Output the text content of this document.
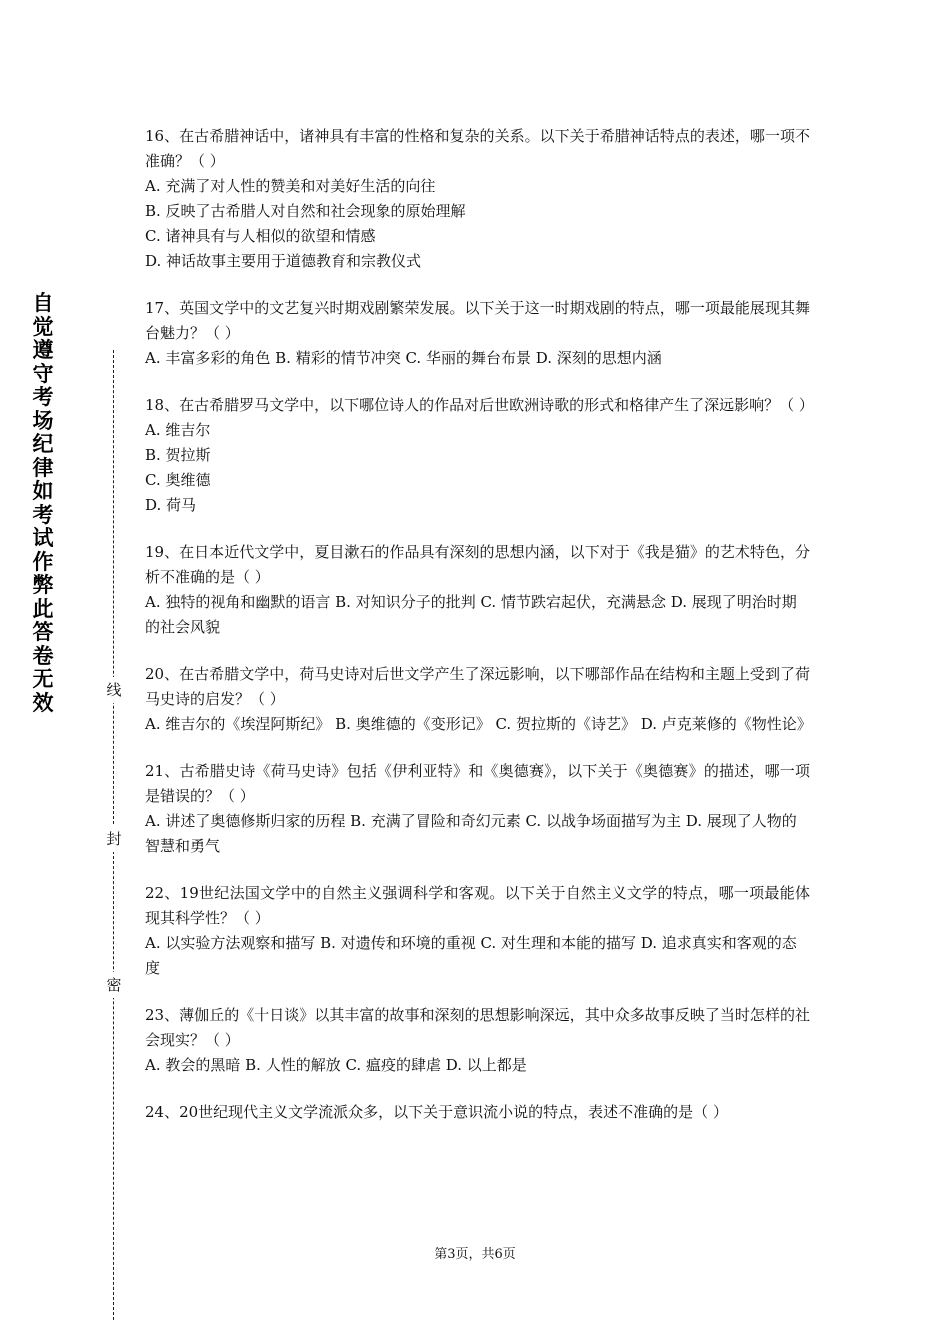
自觉遵守考场纪律如考试作弊此答卷无效
线
封
密

16、在古希腊神话中，诸神具有丰富的性格和复杂的关系。以下关于希腊神话特点的表述，哪一项不准确？（ ）

A. 充满了对人性的赞美和对美好生活的向往

B. 反映了古希腊人对自然和社会现象的原始理解

C. 诸神具有与人相似的欲望和情感

D. 神话故事主要用于道德教育和宗教仪式

17、英国文学中的文艺复兴时期戏剧繁荣发展。以下关于这一时期戏剧的特点，哪一项最能展现其舞台魅力？（ ）

A. 丰富多彩的角色 B. 精彩的情节冲突 C. 华丽的舞台布景 D. 深刻的思想内涵

18、在古希腊罗马文学中，以下哪位诗人的作品对后世欧洲诗歌的形式和格律产生了深远影响？（ ）

A. 维吉尔

B. 贺拉斯

C. 奥维德

D. 荷马

19、在日本近代文学中，夏目漱石的作品具有深刻的思想内涵，以下对于《我是猫》的艺术特色，分析不准确的是（ ）

A. 独特的视角和幽默的语言 B. 对知识分子的批判 C. 情节跌宕起伏，充满悬念 D. 展现了明治时期的社会风貌

20、在古希腊文学中，荷马史诗对后世文学产生了深远影响，以下哪部作品在结构和主题上受到了荷马史诗的启发？（ ）

A. 维吉尔的《埃涅阿斯纪》 B. 奥维德的《变形记》 C. 贺拉斯的《诗艺》 D. 卢克莱修的《物性论》

21、古希腊史诗《荷马史诗》包括《伊利亚特》和《奥德赛》，以下关于《奥德赛》的描述，哪一项是错误的？（ ）

A. 讲述了奥德修斯归家的历程 B. 充满了冒险和奇幻元素 C. 以战争场面描写为主 D. 展现了人物的智慧和勇气

22、19世纪法国文学中的自然主义强调科学和客观。以下关于自然主义文学的特点，哪一项最能体现其科学性？（ ）

A. 以实验方法观察和描写 B. 对遗传和环境的重视 C. 对生理和本能的描写 D. 追求真实和客观的态度

23、薄伽丘的《十日谈》以其丰富的故事和深刻的思想影响深远，其中众多故事反映了当时怎样的社会现实？（ ）

A. 教会的黑暗 B. 人性的解放 C. 瘟疫的肆虐 D. 以上都是

24、20世纪现代主义文学流派众多，以下关于意识流小说的特点，表述不准确的是（ ）

第3页，共6页
